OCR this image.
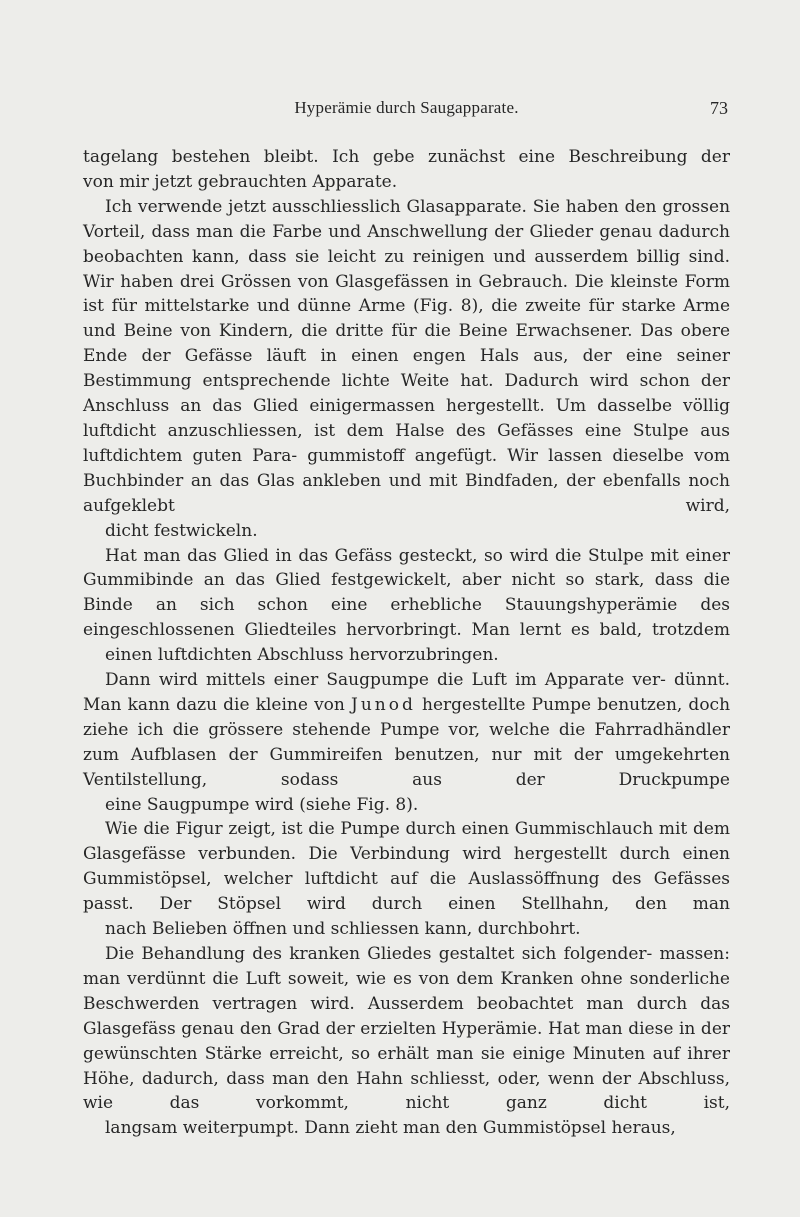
Hyperämie durch Saugapparate.	73

tagelang bestehen bleibt. Ich gebe zunächst eine Beschreibung der
von mir jetzt gebrauchten Apparate.

Ich verwende jetzt ausschliesslich Glasapparate. Sie haben den grossen Vorteil, dass man die Farbe und Anschwellung der Glieder genau dadurch beobachten kann, dass sie leicht zu reinigen und ausserdem billig sind. Wir haben drei Grössen von Glasgefässen in Gebrauch. Die kleinste Form ist für mittelstarke und dünne Arme (Fig. 8), die zweite für starke Arme und Beine von Kindern, die dritte für die Beine Erwachsener. Das obere Ende der Gefässe läuft in einen engen Hals aus, der eine seiner Bestimmung entsprechende lichte Weite hat. Dadurch wird schon der Anschluss an das Glied einigermassen hergestellt. Um dasselbe völlig luftdicht anzuschliessen, ist dem Halse des Gefässes eine Stulpe aus luftdichtem guten Para- gummistoff angefügt. Wir lassen dieselbe vom Buchbinder an das Glas ankleben und mit Bindfaden, der ebenfalls noch aufgeklebt wird,
dicht festwickeln.

Hat man das Glied in das Gefäss gesteckt, so wird die Stulpe mit einer Gummibinde an das Glied festgewickelt, aber nicht so stark, dass die Binde an sich schon eine erhebliche Stauungshyperämie des eingeschlossenen Gliedteiles hervorbringt. Man lernt es bald, trotzdem
einen luftdichten Abschluss hervorzubringen.

Dann wird mittels einer Saugpumpe die Luft im Apparate ver- dünnt. Man kann dazu die kleine von Junod hergestellte Pumpe benutzen, doch ziehe ich die grössere stehende Pumpe vor, welche die Fahrradhändler zum Aufblasen der Gummireifen benutzen, nur mit der umgekehrten Ventilstellung, sodass aus der Druckpumpe
eine Saugpumpe wird (siehe Fig. 8).

Wie die Figur zeigt, ist die Pumpe durch einen Gummischlauch mit dem Glasgefässe verbunden. Die Verbindung wird hergestellt durch einen Gummistöpsel, welcher luftdicht auf die Auslassöffnung des Gefässes passt. Der Stöpsel wird durch einen Stellhahn, den man
nach Belieben öffnen und schliessen kann, durchbohrt.

Die Behandlung des kranken Gliedes gestaltet sich folgender- massen: man verdünnt die Luft soweit, wie es von dem Kranken ohne sonderliche Beschwerden vertragen wird. Ausserdem beobachtet man durch das Glasgefäss genau den Grad der erzielten Hyperämie. Hat man diese in der gewünschten Stärke erreicht, so erhält man sie einige Minuten auf ihrer Höhe, dadurch, dass man den Hahn schliesst, oder, wenn der Abschluss, wie das vorkommt, nicht ganz dicht ist,
langsam weiterpumpt. Dann zieht man den Gummistöpsel heraus,
